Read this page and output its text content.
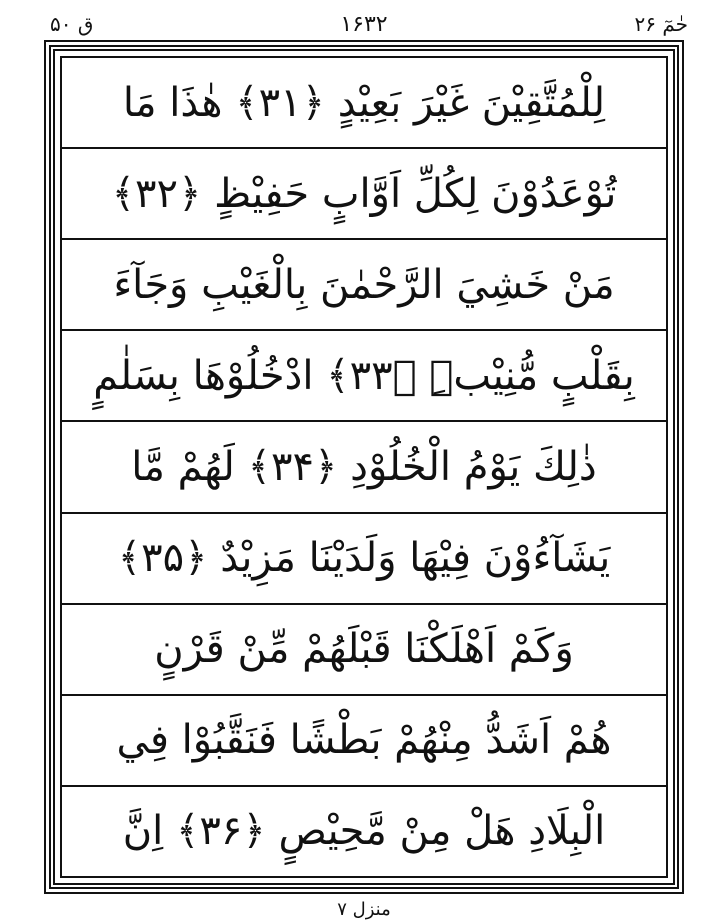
حٰمٓ ۲۶
۱۶۳۲
ق ۵۰
لِلْمُتَّقِيْنَ غَيْرَ بَعِيْدٍ ﴿۳۱﴾ هٰذَا مَا
تُوْعَدُوْنَ لِكُلِّ اَوَّابٍ حَفِيْظٍ ﴿۳۲﴾
مَنْ خَشِيَ الرَّحْمٰنَ بِالْغَيْبِ وَجَآءَ
بِقَلْبٍ مُّنِيْبِۣ ﴿۳۳﴾ ادْخُلُوْهَا بِسَلٰمٍ
ذٰلِكَ يَوْمُ الْخُلُوْدِ ﴿۳۴﴾ لَهُمْ مَّا
يَشَآءُوْنَ فِيْهَا وَلَدَيْنَا مَزِيْدٌ ﴿۳۵﴾
وَكَمْ اَهْلَكْنَا قَبْلَهُمْ مِّنْ قَرْنٍ
هُمْ اَشَدُّ مِنْهُمْ بَطْشًا فَنَقَّبُوْا فِي
الْبِلَادِ هَلْ مِنْ مَّحِيْصٍ ﴿۳۶﴾ اِنَّ
منزل ۷
